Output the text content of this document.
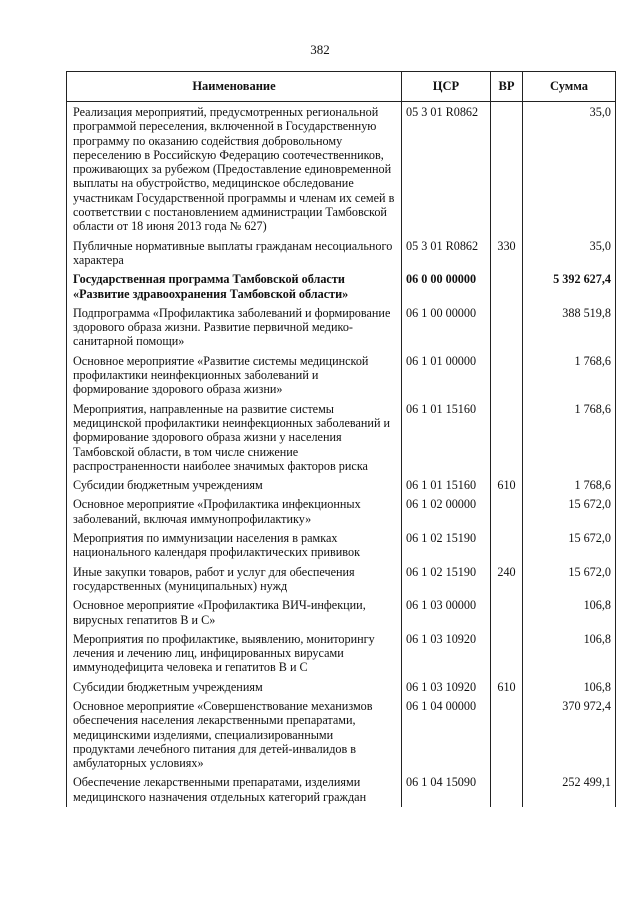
382
Наименование	ЦСР	ВР	Сумма
Реализация мероприятий, предусмотренных региональной программой переселения, включенной в Государственную программу по оказанию содействия добровольному переселению в Российскую Федерацию соотечественников, проживающих за рубежом (Предоставление единовременной выплаты на обустройство, медицинское обследование участникам Государственной программы и членам их семей в соответствии с постановлением администрации Тамбовской области от 18 июня 2013 года № 627)	05 3 01 R0862		35,0
Публичные нормативные выплаты гражданам несоциального характера	05 3 01 R0862	330	35,0
Государственная программа Тамбовской области «Развитие здравоохранения Тамбовской области»	06 0 00 00000		5 392 627,4
Подпрограмма «Профилактика заболеваний и формирование здорового образа жизни. Развитие первичной медико-санитарной помощи»	06 1 00 00000		388 519,8
Основное мероприятие «Развитие системы медицинской профилактики неинфекционных заболеваний и формирование здорового образа жизни»	06 1 01 00000		1 768,6
Мероприятия, направленные на развитие системы медицинской профилактики неинфекционных заболеваний и формирование здорового образа жизни у населения Тамбовской области, в том числе снижение распространенности наиболее значимых факторов риска	06 1 01 15160		1 768,6
Субсидии бюджетным учреждениям	06 1 01 15160	610	1 768,6
Основное мероприятие «Профилактика инфекционных заболеваний, включая иммунопрофилактику»	06 1 02 00000		15 672,0
Мероприятия по иммунизации населения в рамках национального календаря профилактических прививок	06 1 02 15190		15 672,0
Иные закупки товаров, работ и услуг для обеспечения государственных (муниципальных) нужд	06 1 02 15190	240	15 672,0
Основное мероприятие «Профилактика ВИЧ-инфекции, вирусных гепатитов В и С»	06 1 03 00000		106,8
Мероприятия по профилактике, выявлению, мониторингу лечения и лечению лиц, инфицированных вирусами иммунодефицита человека и гепатитов В и С	06 1 03 10920		106,8
Субсидии бюджетным учреждениям	06 1 03 10920	610	106,8
Основное мероприятие «Совершенствование механизмов обеспечения населения лекарственными препаратами, медицинскими изделиями, специализированными продуктами лечебного питания для детей-инвалидов в амбулаторных условиях»	06 1 04 00000		370 972,4
Обеспечение лекарственными препаратами, изделиями медицинского назначения отдельных категорий граждан	06 1 04 15090		252 499,1
